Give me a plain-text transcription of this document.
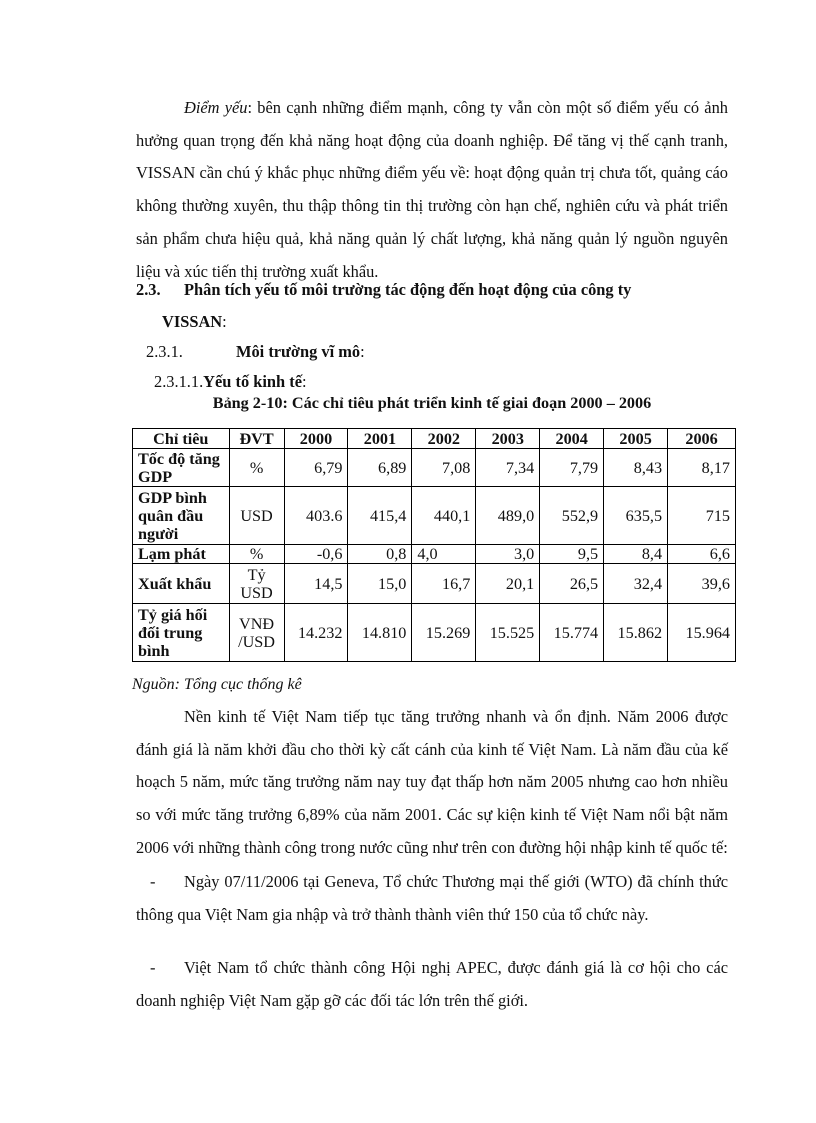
Điểm yếu: bên cạnh những điểm mạnh, công ty vẫn còn một số điểm yếu có ảnh hưởng quan trọng đến khả năng hoạt động của doanh nghiệp. Để tăng vị thế cạnh tranh, VISSAN cần chú ý khắc phục những điểm yếu về: hoạt động quản trị chưa tốt, quảng cáo không thường xuyên, thu thập thông tin thị trường còn hạn chế, nghiên cứu và phát triển sản phẩm chưa hiệu quả, khả năng quản lý chất lượng, khả năng quản lý nguồn nguyên liệu và xúc tiến thị trường xuất khẩu.

2.3. Phân tích yếu tố môi trường tác động đến hoạt động của công ty
VISSAN:
2.3.1.	Môi trường vĩ mô:
2.3.1.1.Yếu tố kinh tế:

Bảng 2-10: Các chỉ tiêu phát triển kinh tế giai đoạn 2000 – 2006

Chỉ tiêu	ĐVT	2000	2001	2002	2003	2004	2005	2006
Tốc độ tăng GDP	%	6,79	6,89	7,08	7,34	7,79	8,43	8,17
GDP bình quân đầu người	USD	403.6	415,4	440,1	489,0	552,9	635,5	715
Lạm phát	%	-0,6	0,8	4,0	3,0	9,5	8,4	6,6
Xuất khẩu	Tỷ USD	14,5	15,0	16,7	20,1	26,5	32,4	39,6
Tỷ giá hối đối trung bình	VNĐ /USD	14.232	14.810	15.269	15.525	15.774	15.862	15.964

Nguồn: Tổng cục thống kê

Nền kinh tế Việt Nam tiếp tục tăng trưởng nhanh và ổn định. Năm 2006 được đánh giá là năm khởi đầu cho thời kỳ cất cánh của kinh tế Việt Nam. Là năm đầu của kế hoạch 5 năm, mức tăng trưởng năm nay tuy đạt thấp hơn năm 2005 nhưng cao hơn nhiều so với mức tăng trưởng 6,89% của năm 2001. Các sự kiện kinh tế Việt Nam nổi bật năm 2006 với những thành công trong nước cũng như trên con đường hội nhập kinh tế quốc tế:

- Ngày 07/11/2006 tại Geneva, Tổ chức Thương mại thế giới (WTO) đã chính thức thông qua Việt Nam gia nhập và trở thành thành viên thứ 150 của tổ chức này.

- Việt Nam tổ chức thành công Hội nghị APEC, được đánh giá là cơ hội cho các doanh nghiệp Việt Nam gặp gỡ các đối tác lớn trên thế giới.
